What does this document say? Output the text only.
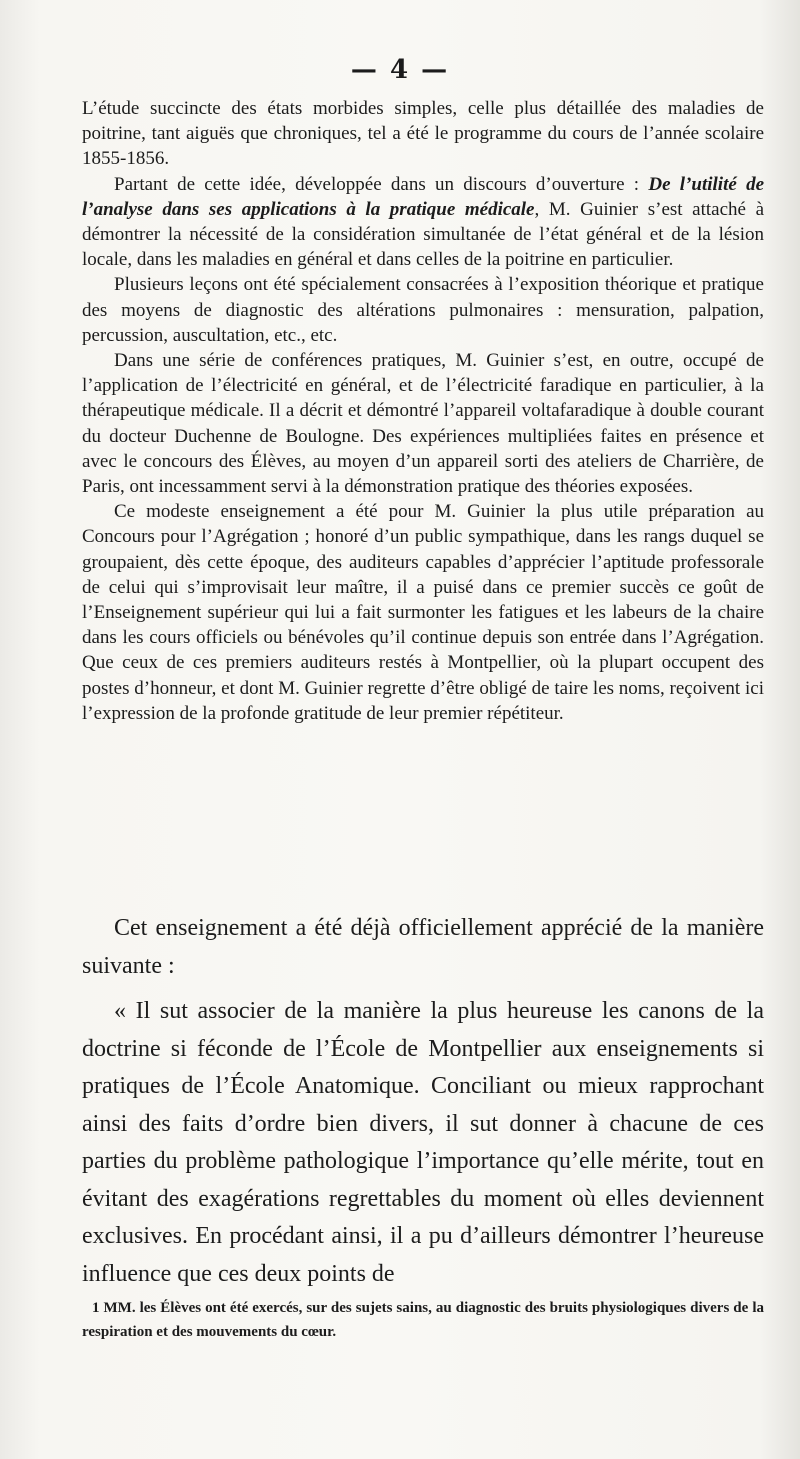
— 4 —

L’étude succincte des états morbides simples, celle plus détaillée des maladies de poitrine, tant aiguës que chroniques, tel a été le programme du cours de l’année scolaire 1855-1856.

Partant de cette idée, développée dans un discours d’ouverture : De l’utilité de l’analyse dans ses applications à la pratique médicale, M. Guinier s’est attaché à démontrer la nécessité de la considération simultanée de l’état général et de la lésion locale, dans les maladies en général et dans celles de la poitrine en particulier.

Plusieurs leçons ont été spécialement consacrées à l’exposition théorique et pratique des moyens de diagnostic des altérations pulmonaires : mensuration, palpation, percussion, auscultation, etc., etc.

Dans une série de conférences pratiques, M. Guinier s’est, en outre, occupé de l’application de l’électricité en général, et de l’électricité faradique en particulier, à la thérapeutique médicale. Il a décrit et démontré l’appareil voltafaradique à double courant du docteur Duchenne de Boulogne. Des expériences multipliées faites en présence et avec le concours des Élèves, au moyen d’un appareil sorti des ateliers de Charrière, de Paris, ont incessamment servi à la démonstration pratique des théories exposées.

Ce modeste enseignement a été pour M. Guinier la plus utile préparation au Concours pour l’Agrégation ; honoré d’un public sympathique, dans les rangs duquel se groupaient, dès cette époque, des auditeurs capables d’apprécier l’aptitude professorale de celui qui s’improvisait leur maître, il a puisé dans ce premier succès ce goût de l’Enseignement supérieur qui lui a fait surmonter les fatigues et les labeurs de la chaire dans les cours officiels ou bénévoles qu’il continue depuis son entrée dans l’Agrégation. Que ceux de ces premiers auditeurs restés à Montpellier, où la plupart occupent des postes d’honneur, et dont M. Guinier regrette d’être obligé de taire les noms, reçoivent ici l’expression de la profonde gratitude de leur premier répétiteur.

Cet enseignement a été déjà officiellement apprécié de la manière suivante :

« Il sut associer de la manière la plus heureuse les canons de la doctrine si féconde de l’École de Montpellier aux enseignements si pratiques de l’École Anatomique. Conciliant ou mieux rapprochant ainsi des faits d’ordre bien divers, il sut donner à chacune de ces parties du problème pathologique l’importance qu’elle mérite, tout en évitant des exagérations regrettables du moment où elles deviennent exclusives. En procédant ainsi, il a pu d’ailleurs démontrer l’heureuse influence que ces deux points de

1 MM. les Élèves ont été exercés, sur des sujets sains, au diagnostic des bruits physiologiques divers de la respiration et des mouvements du cœur.
